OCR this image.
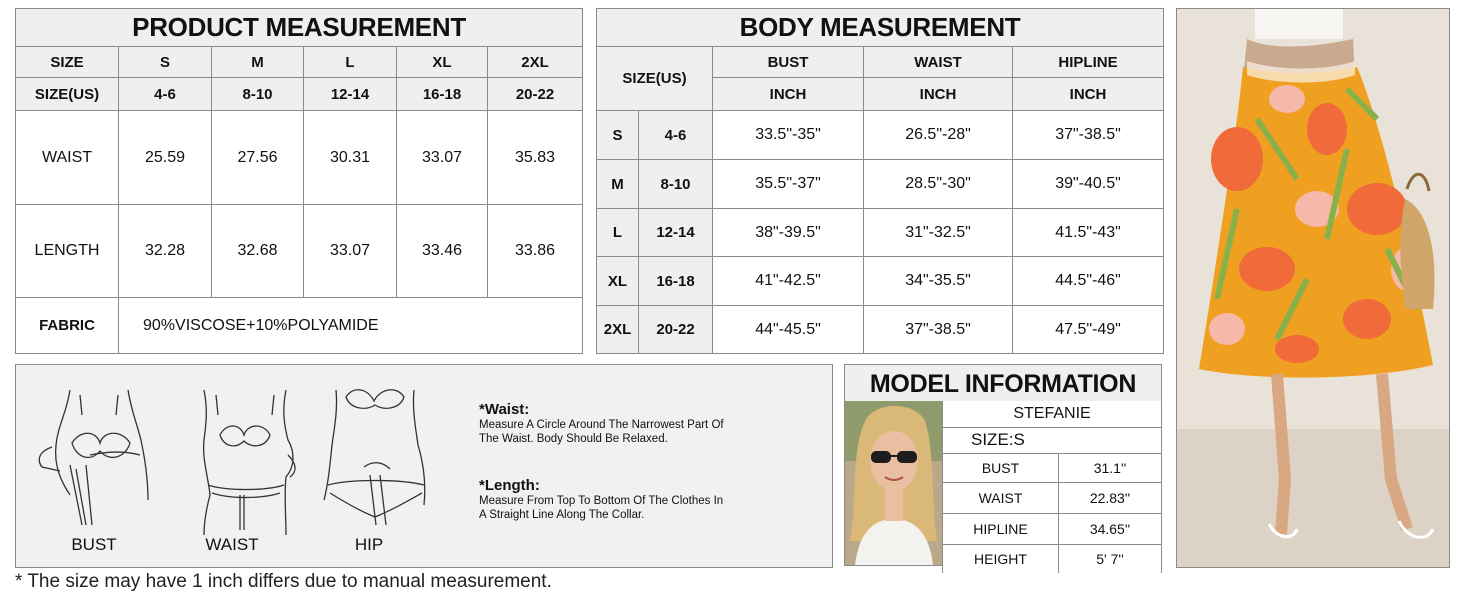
PRODUCT MEASUREMENT					
SIZE	S	M	L	XL	2XL
SIZE(US)	4-6	8-10	12-14	16-18	20-22
WAIST	25.59	27.56	30.31	33.07	35.83
LENGTH	32.28	32.68	33.07	33.46	33.86
FABRIC	90%VISCOSE+10%POLYAMIDE				
BODY MEASUREMENT				
SIZE(US)		BUST	WAIST	HIPLINE
		INCH	INCH	INCH
S	4-6	33.5"-35"	26.5"-28"	37"-38.5"
M	8-10	35.5"-37"	28.5"-30"	39"-40.5"
L	12-14	38"-39.5"	31"-32.5"	41.5"-43"
XL	16-18	41"-42.5"	34"-35.5"	44.5"-46"
2XL	20-22	44"-45.5"	37"-38.5"	47.5"-49"
BUST	WAIST	HIP
*Waist:
Measure A Circle Around The Narrowest Part Of
The Waist. Body Should Be Relaxed.
*Length:
Measure From Top To Bottom Of The Clothes In
A Straight Line Along The Collar.
MODEL INFORMATION
STEFANIE	
SIZE:S	
BUST	31.1''
WAIST	22.83''
HIPLINE	34.65''
HEIGHT	5' 7''
* The size may have 1 inch differs due to manual measurement.
